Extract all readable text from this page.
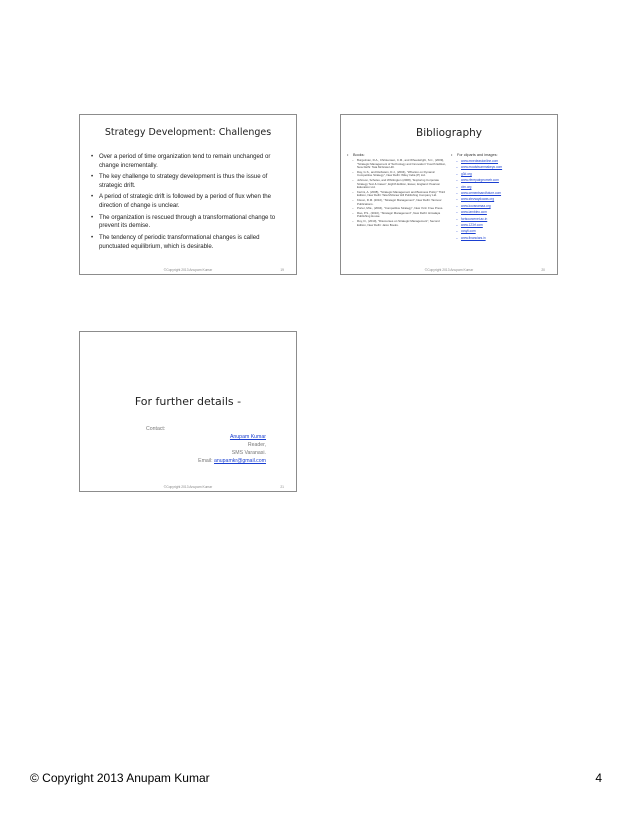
Strategy Development: Challenges
• Over a period of time organization tend to remain unchanged or change incrementally.
• The key challenge to strategy development is thus the issue of strategic drift.
• A period of strategic drift is followed by a period of flux when the direction of change is unclear.
• The organization is rescued through a transformational change to prevent its demise.
• The tendency of periodic transformational changes is called punctuated equilibrium, which is desirable.
©Copyright 2013 Anupam Kumar	19
Bibliography
• Books:
– Burgelman, R.A., Christensen, C.M., and Wheelwright, S.C., (2009), "Strategic Management of Technology and Innovation" Fourth Edition, New Delhi: Tata McGraw Hill.
– Day, G.S., and Reibstein, D.J., (2004), "Wharton on Dynamic Competitive Strategy", New Delhi: Wiley India (P) Ltd.
– Johnson, Scholes, and Whittington (2008), "Exploring Corporate Strategy Text & Cases", Eighth Edition, Essex, England: Pearson Education Ltd.
– Kazmi, A. (2008), "Strategic Management and Business Policy" Third Edition, New Delhi: Tata McGraw Hill Publishing Company Ltd.
– Kitoon, R.M. (2010), "Strategic Management", New Delhi: Tannoor Publications.
– Porter, M.E., (2004), "Competitive Strategy", New York: Free Press.
– Rao, P.S., (2010), "Strategic Management", New Delhi: Himalaya Publishing House.
– Roy, D., (2010), "Discourses on Strategic Management", Second Edition, New Delhi: Jaico Books.
• For cliparts and images:
– www.mnedeastonline.com
– www.moaistsummakeyo.com
– g3d.org
– www.rferepairgeometr.com
– clm.org
– www.cementsandfuture.com
– www.stevsaydowas.org
– www.kovanamaa.org
– www.iarnbleo.com
– fortsourcenet.ac.in
– www.123rf.com
– ccsyli.com
– www.financiars.in
©Copyright 2013 Anupam Kumar	20
For further details -
Contact:
Anupam Kumar
Reader,
SMS Varanasi.
Email: anupamkr@gmail.com
©Copyright 2013 Anupam Kumar	21
© Copyright 2013 Anupam Kumar	4
